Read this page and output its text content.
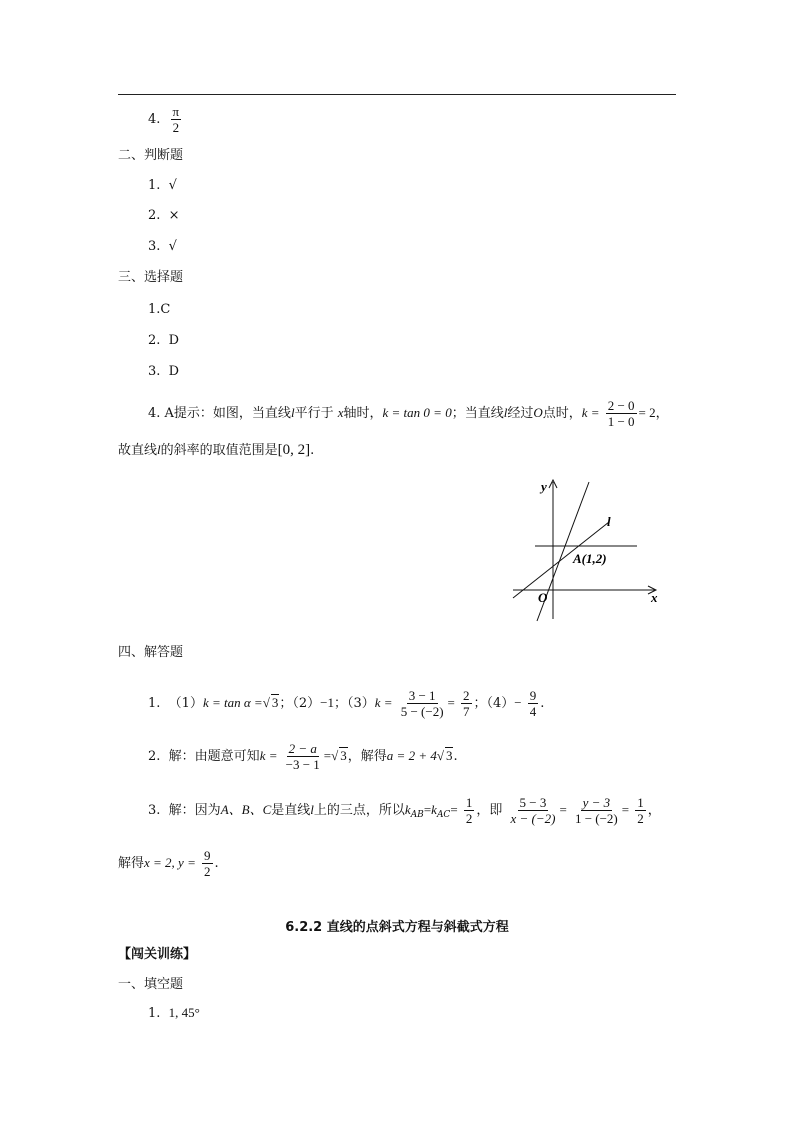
4. $\frac{\pi}{2}$
二、判断题
1. √
2. ×
3. √
三、选择题
1.C
2. D
3. D
4. A提示：如图，当直线l平行于 x轴时，k = tan 0 = 0；当直线l经过O点时，$k = \frac{2 - 0}{1 - 0} = 2$，
故直线l的斜率的取值范围是[0, 2].
y
x
l
O
A(1,2)
四、解答题
1. （1）k = tan α =√ 3；（2）−1；$(3)k = \frac{3 - 1}{5 - (-2)} = \frac{2}{7}$ ；$(4)- \frac{9}{4}$ .
2. 解：由题意可知$k = \frac{2 - a}{-3 - 1}$ =√ 3，解得a = 2 + 4√ 3.
3. 解：因为A、B、C是直线l上的三点，所以$k_{AB}=k_{AC}= \frac{1}{2}$ ，即 $\frac{5 - 3}{x - (-2)} = \frac{y - 3}{1 - (-2)} = \frac{1}{2}$ ，
解得x = 2, $y = \frac{9}{2}$ .
6.2.2 直线的点斜式方程与斜截式方程
【闯关训练】
一、填空题
1. 1, 45°
